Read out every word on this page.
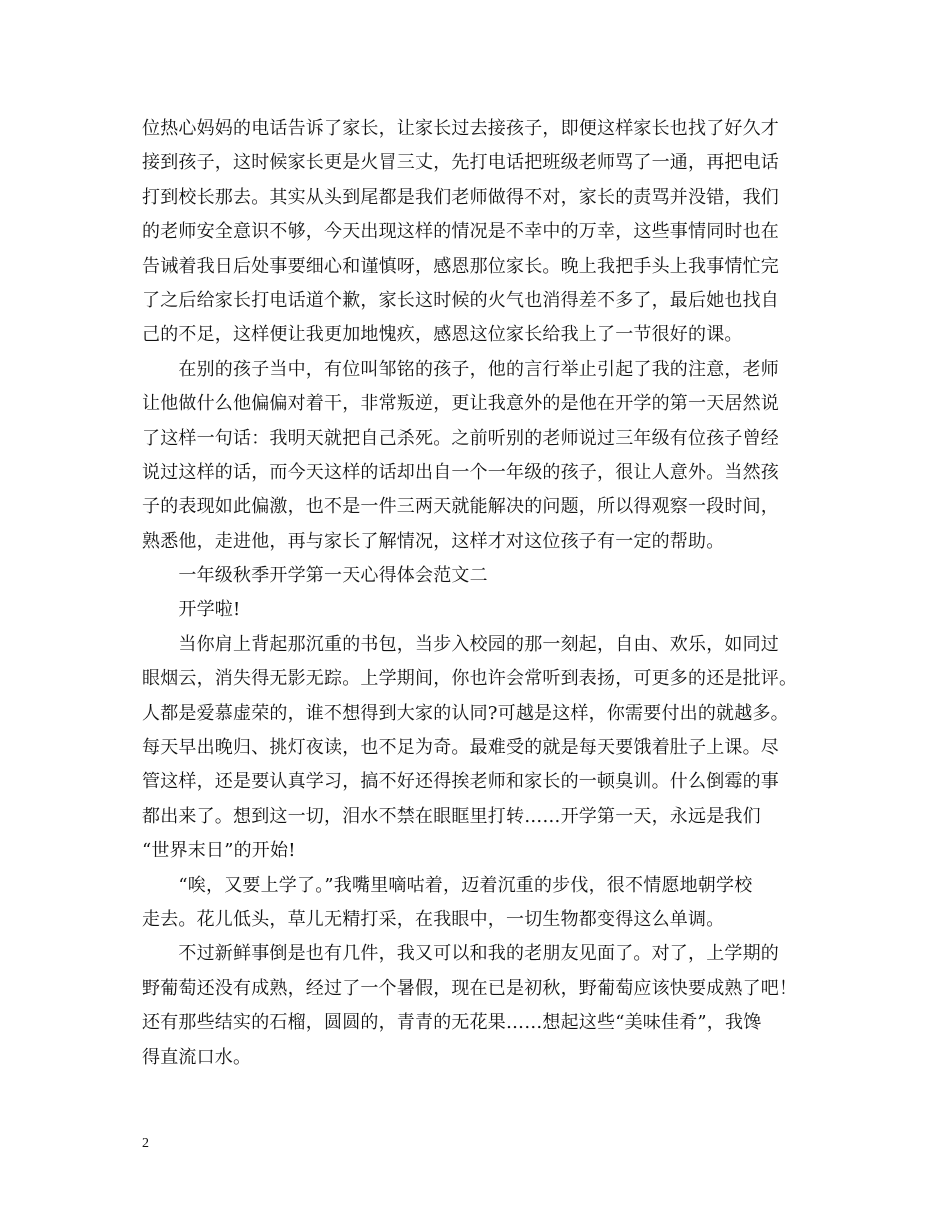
位热心妈妈的电话告诉了家长，让家长过去接孩子，即便这样家长也找了好久才
接到孩子，这时候家长更是火冒三丈，先打电话把班级老师骂了一通，再把电话
打到校长那去。其实从头到尾都是我们老师做得不对，家长的责骂并没错，我们
的老师安全意识不够，今天出现这样的情况是不幸中的万幸，这些事情同时也在
告诫着我日后处事要细心和谨慎呀，感恩那位家长。晚上我把手头上我事情忙完
了之后给家长打电话道个歉，家长这时候的火气也消得差不多了，最后她也找自
己的不足，这样便让我更加地愧疚，感恩这位家长给我上了一节很好的课。
　　在别的孩子当中，有位叫邹铭的孩子，他的言行举止引起了我的注意，老师
让他做什么他偏偏对着干，非常叛逆，更让我意外的是他在开学的第一天居然说
了这样一句话：我明天就把自己杀死。之前听别的老师说过三年级有位孩子曾经
说过这样的话，而今天这样的话却出自一个一年级的孩子，很让人意外。当然孩
子的表现如此偏激，也不是一件三两天就能解决的问题，所以得观察一段时间，
熟悉他，走进他，再与家长了解情况，这样才对这位孩子有一定的帮助。
　　一年级秋季开学第一天心得体会范文二
　　开学啦!
　　当你肩上背起那沉重的书包，当步入校园的那一刻起，自由、欢乐，如同过
眼烟云，消失得无影无踪。上学期间，你也许会常听到表扬，可更多的还是批评。
人都是爱慕虚荣的，谁不想得到大家的认同?可越是这样，你需要付出的就越多。
每天早出晚归、挑灯夜读，也不足为奇。最难受的就是每天要饿着肚子上课。尽
管这样，还是要认真学习，搞不好还得挨老师和家长的一顿臭训。什么倒霉的事
都出来了。想到这一切，泪水不禁在眼眶里打转……开学第一天，永远是我们
“世界末日”的开始!
　　“唉，又要上学了。”我嘴里嘀咕着，迈着沉重的步伐，很不情愿地朝学校
走去。花儿低头，草儿无精打采，在我眼中，一切生物都变得这么单调。
　　不过新鲜事倒是也有几件，我又可以和我的老朋友见面了。对了，上学期的
野葡萄还没有成熟，经过了一个暑假，现在已是初秋，野葡萄应该快要成熟了吧！
还有那些结实的石榴，圆圆的，青青的无花果……想起这些“美味佳肴”，我馋
得直流口水。
2
